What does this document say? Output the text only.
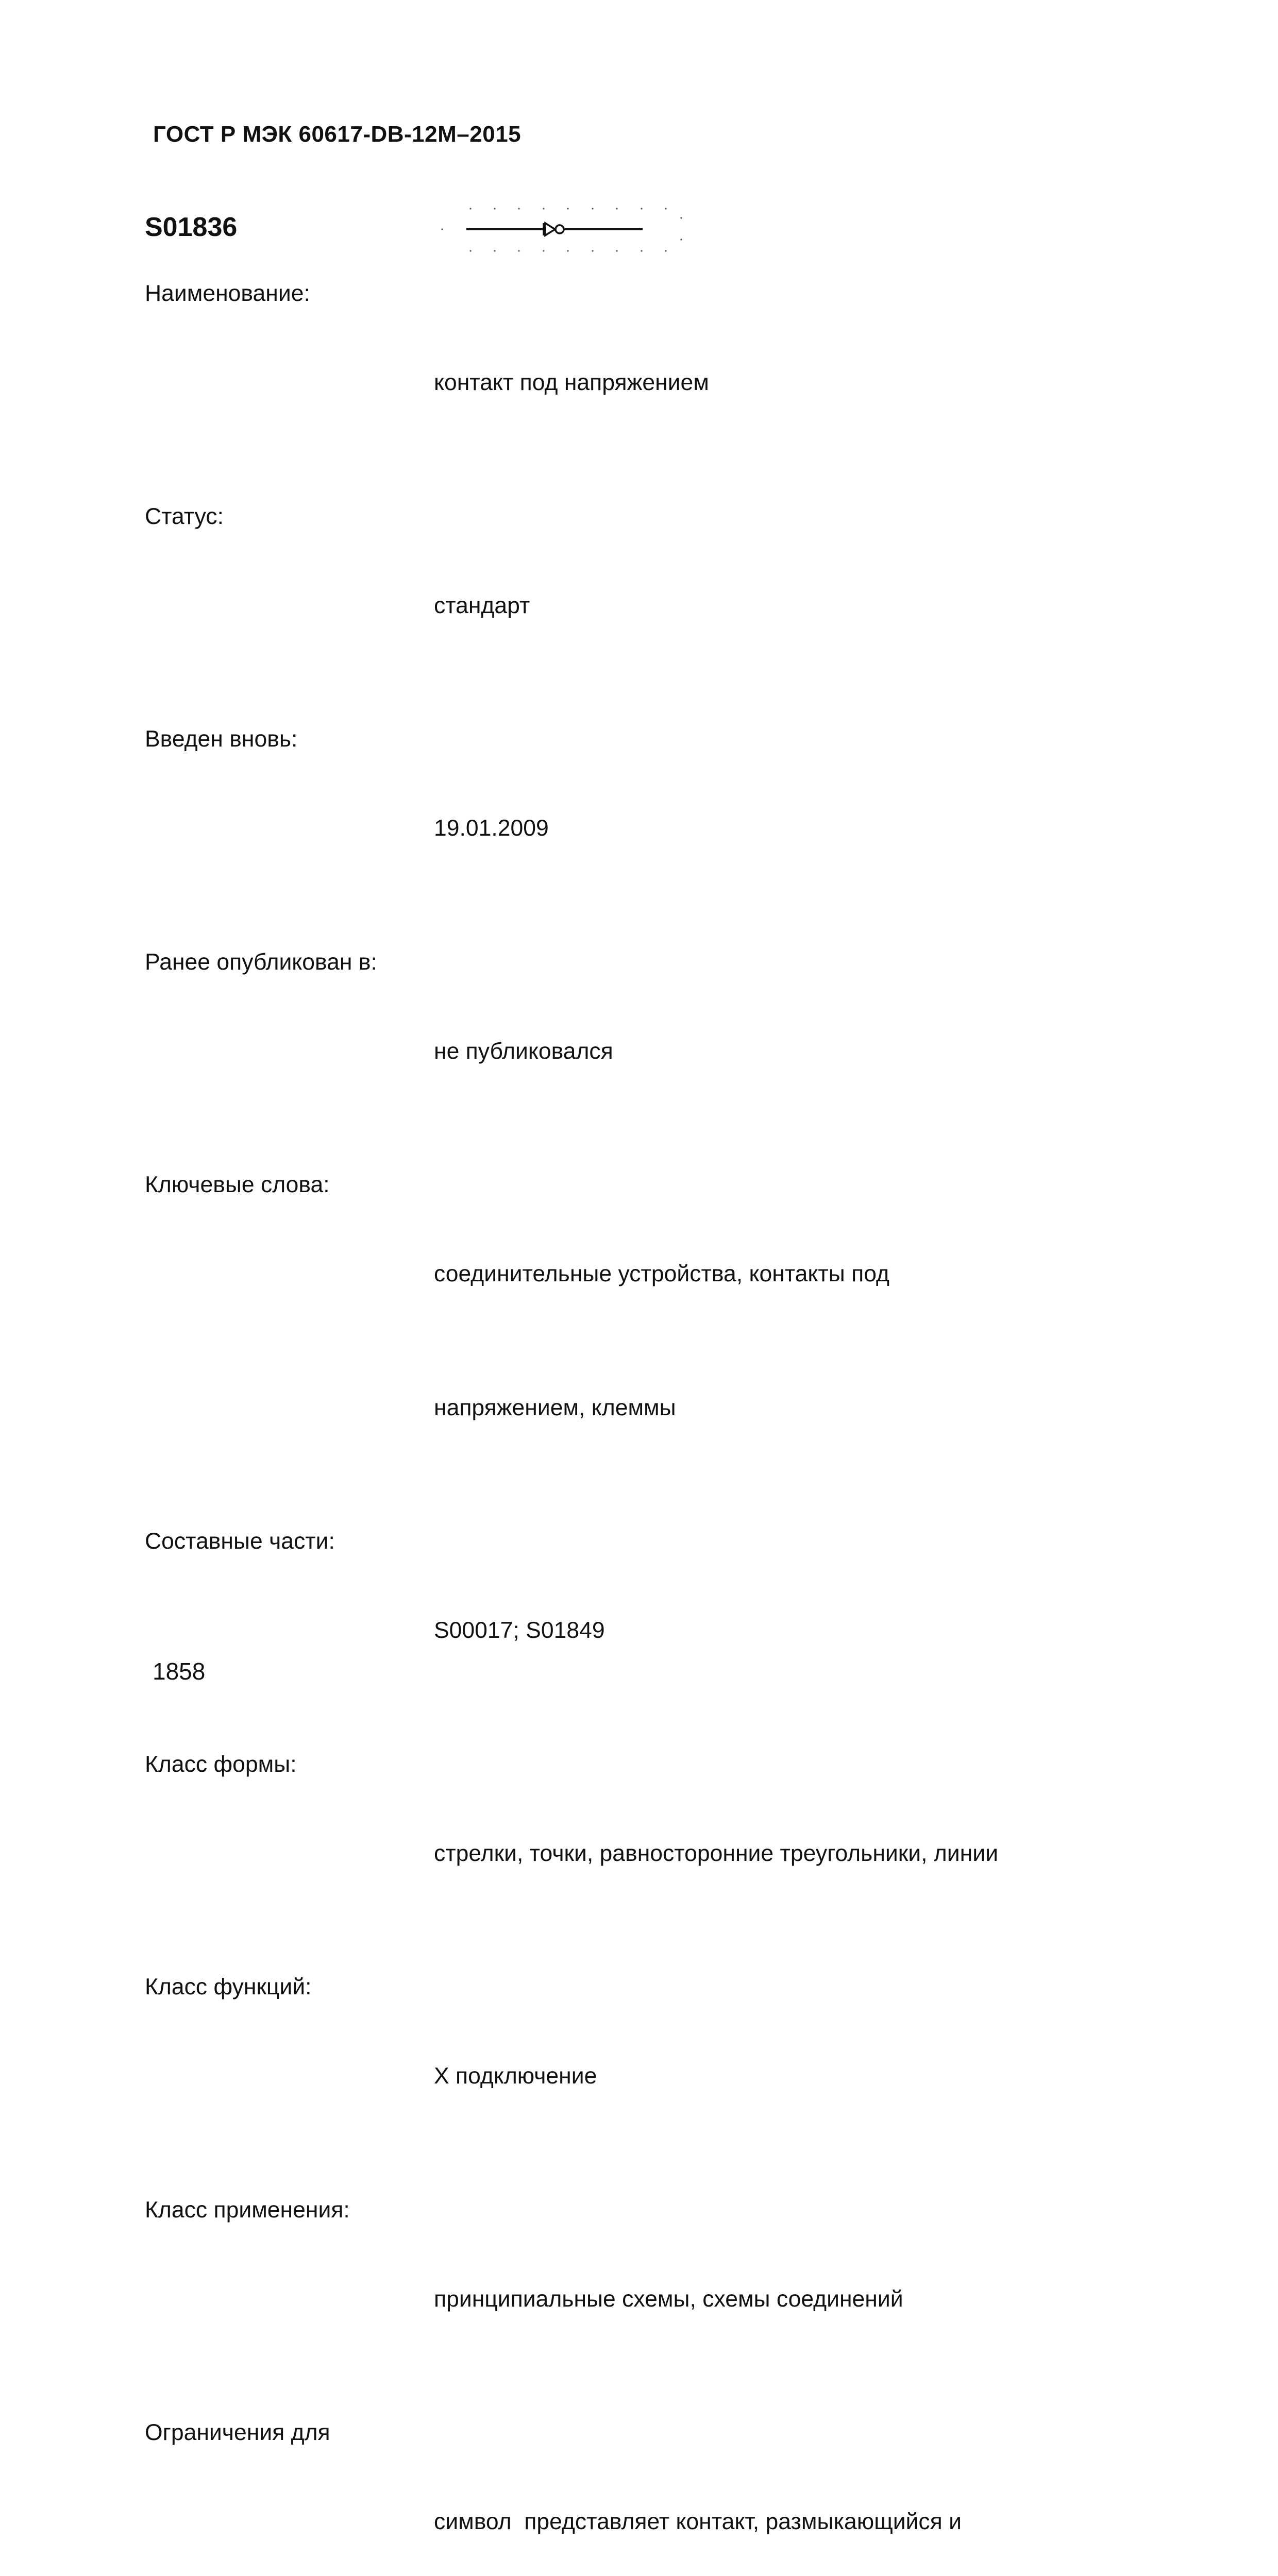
ГОСТ Р МЭК 60617-DB-12M–2015
S01836
Наименование:

контакт под напряжением

Статус:

стандарт

Введен вновь:

19.01.2009

Ранее опубликован в:

не публиковался

Ключевые слова:

соединительные устройства, контакты под

напряжением, клеммы

Составные части:

S00017; S01849

Класс формы:

стрелки, точки, равносторонние треугольники, линии

Класс функций:

X подключение

Класс применения:

принципиальные схемы, схемы соединений

Ограничения для

символ  представляет контакт, размыкающийся и

1858
